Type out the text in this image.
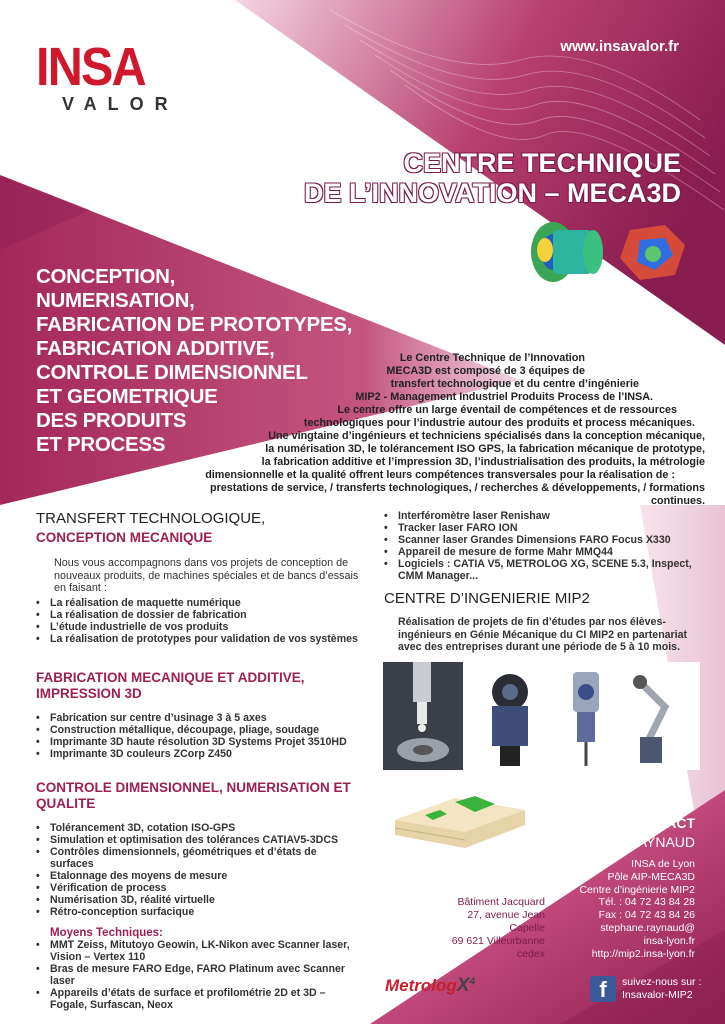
INSA
VALOR
www.insavalor.fr
CENTRE TECHNIQUE
DE L’INNOVATION – MECA3D
CONCEPTION,
NUMERISATION,
FABRICATION DE PROTOTYPES,
FABRICATION ADDITIVE,
CONTROLE DIMENSIONNEL
ET GEOMETRIQUE
DES PRODUITS
ET PROCESS
Le Centre Technique de l’Innovation
MECA3D est composé de 3 équipes de
transfert technologique et du centre d’ingénierie
MIP2 - Management Industriel Produits Process de l’INSA.
Le centre offre un large éventail de compétences et de ressources
technologiques pour l’industrie autour des produits et process mécaniques.
Une vingtaine d’ingénieurs et techniciens spécialisés dans la conception mécanique,
la numérisation 3D, le tolérancement ISO GPS, la fabrication mécanique de prototype,
la fabrication additive et l’impression 3D, l’industrialisation des produits, la métrologie
dimensionnelle et la qualité offrent leurs compétences transversales pour la réalisation de :
prestations de service, / transferts technologiques, / recherches & développements, / formations continues.
TRANSFERT TECHNOLOGIQUE,
CONCEPTION MECANIQUE

Nous vous accompagnons dans vos projets de conception de nouveaux produits, de machines spéciales et de bancs d’essais en faisant :

• La réalisation de maquette numérique
• La réalisation de dossier de fabrication
• L’étude industrielle de vos produits
• La réalisation de prototypes pour validation de vos systèmes
FABRICATION MECANIQUE ET ADDITIVE, IMPRESSION 3D
• Fabrication sur centre d’usinage 3 à 5 axes
• Construction métallique, découpage, pliage, soudage
• Imprimante 3D haute résolution 3D Systems Projet 3510HD
• Imprimante 3D couleurs ZCorp Z450
CONTROLE DIMENSIONNEL, NUMERISATION ET QUALITE
• Tolérancement 3D, cotation ISO-GPS
• Simulation et optimisation des tolérances CATIAV5-3DCS
• Contrôles dimensionnels, géométriques et d’états de surfaces
• Etalonnage des moyens de mesure
• Vérification de process
• Numérisation 3D, réalité virtuelle
• Rétro-conception surfacique
Moyens Techniques:
• MMT Zeiss, Mitutoyo Geowin, LK-Nikon avec Scanner laser, Vision – Vertex 110
• Bras de mesure FARO Edge, FARO Platinum avec Scanner laser
• Appareils d’états de surface et profilométrie 2D et 3D – Fogale, Surfascan, Neox
• Interféromètre laser Renishaw
• Tracker laser FARO ION
• Scanner laser Grandes Dimensions FARO Focus X330
• Appareil de mesure de forme Mahr MMQ44
• Logiciels : CATIA V5, METROLOG XG, SCENE 5.3, Inspect, CMM Manager...
CENTRE D’INGENIERIE MIP2

Réalisation de projets de fin d’études par nos élèves-ingénieurs en Génie Mécanique du CI MIP2 en partenariat avec des entreprises durant une période de 5 à 10 mois.

CONTACT
Stéphane RAYNAUD
INSA de Lyon
Pôle AIP-MECA3D
Centre d’ingénierie MIP2
Bâtiment Jacquard
27, avenue Jean Capelle
69 621 Villeurbanne cedex
Tél. : 04 72 43 84 28
Fax : 04 72 43 84 26
stephane.raynaud@
insa-lyon.fr
http://mip2.insa-lyon.fr
MetrologX$^4$	f	suivez-nous sur :
Insavalor-MIP2
